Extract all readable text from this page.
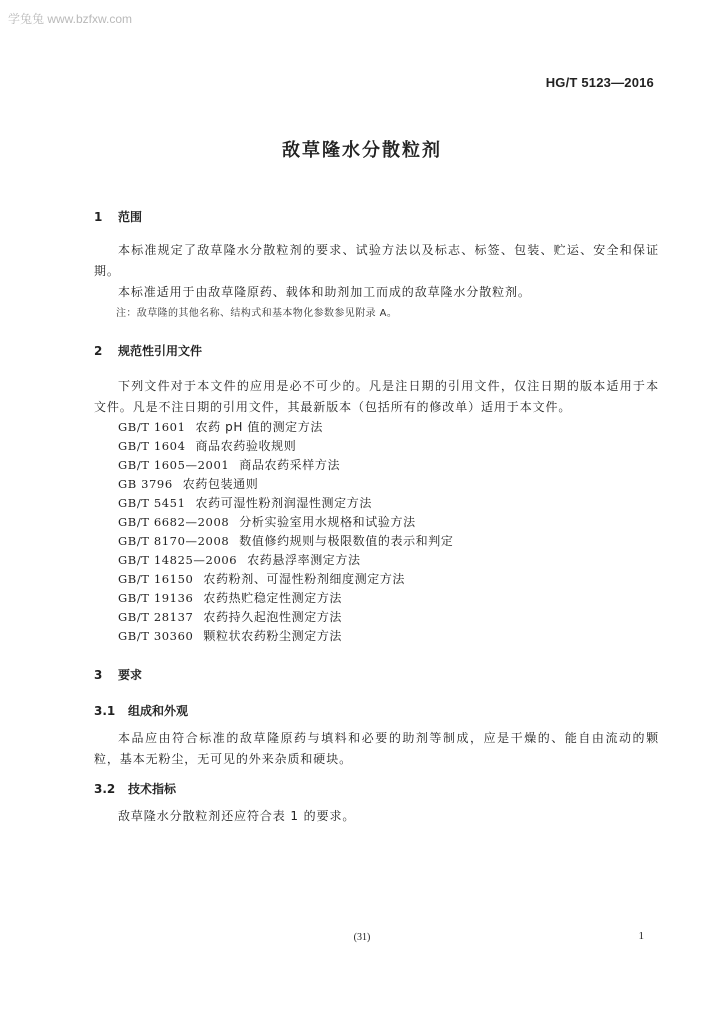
学兔兔 www.bzfxw.com
HG/T 5123—2016
敌草隆水分散粒剂
1 范围
本标准规定了敌草隆水分散粒剂的要求、试验方法以及标志、标签、包装、贮运、安全和保证期。
本标准适用于由敌草隆原药、载体和助剂加工而成的敌草隆水分散粒剂。
注：敌草隆的其他名称、结构式和基本物化参数参见附录 A。
2 规范性引用文件
下列文件对于本文件的应用是必不可少的。凡是注日期的引用文件，仅注日期的版本适用于本文件。凡是不注日期的引用文件，其最新版本（包括所有的修改单）适用于本文件。
GB/T 1601 农药 pH 值的测定方法
GB/T 1604 商品农药验收规则
GB/T 1605—2001 商品农药采样方法
GB 3796 农药包装通则
GB/T 5451 农药可湿性粉剂润湿性测定方法
GB/T 6682—2008 分析实验室用水规格和试验方法
GB/T 8170—2008 数值修约规则与极限数值的表示和判定
GB/T 14825—2006 农药悬浮率测定方法
GB/T 16150 农药粉剂、可湿性粉剂细度测定方法
GB/T 19136 农药热贮稳定性测定方法
GB/T 28137 农药持久起泡性测定方法
GB/T 30360 颗粒状农药粉尘测定方法
3 要求
3.1 组成和外观
本品应由符合标准的敌草隆原药与填料和必要的助剂等制成，应是干燥的、能自由流动的颗粒，基本无粉尘，无可见的外来杂质和硬块。
3.2 技术指标
敌草隆水分散粒剂还应符合表 1 的要求。
(31)	1
